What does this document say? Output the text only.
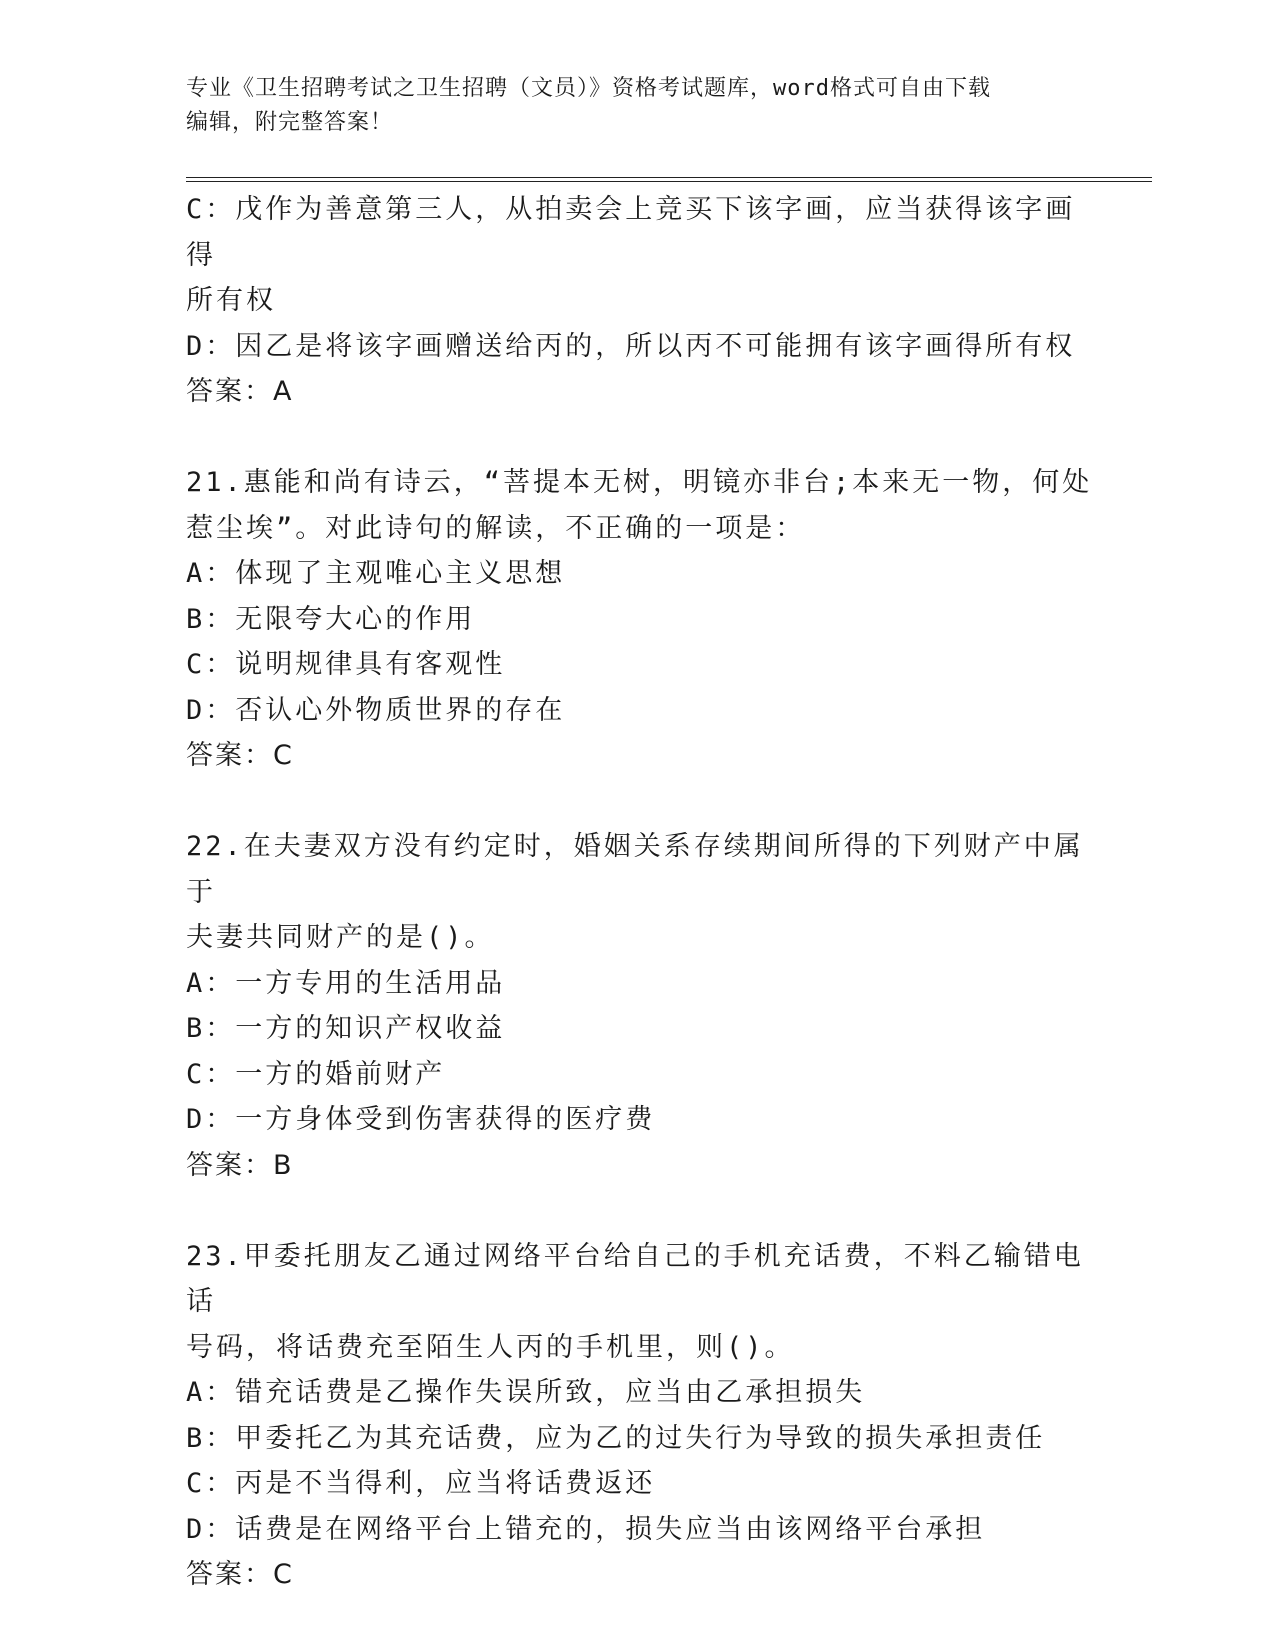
专业《卫生招聘考试之卫生招聘（文员）》资格考试题库，word格式可自由下载
编辑，附完整答案！

C：戊作为善意第三人，从拍卖会上竞买下该字画，应当获得该字画得

所有权

D：因乙是将该字画赠送给丙的，所以丙不可能拥有该字画得所有权

答案：A

21.惠能和尚有诗云，“菩提本无树，明镜亦非台;本来无一物，何处

惹尘埃”。对此诗句的解读，不正确的一项是：

A：体现了主观唯心主义思想

B：无限夸大心的作用

C：说明规律具有客观性

D：否认心外物质世界的存在

答案：C

22.在夫妻双方没有约定时，婚姻关系存续期间所得的下列财产中属于

夫妻共同财产的是()。

A：一方专用的生活用品

B：一方的知识产权收益

C：一方的婚前财产

D：一方身体受到伤害获得的医疗费

答案：B

23.甲委托朋友乙通过网络平台给自己的手机充话费，不料乙输错电话

号码，将话费充至陌生人丙的手机里，则()。

A：错充话费是乙操作失误所致，应当由乙承担损失

B：甲委托乙为其充话费，应为乙的过失行为导致的损失承担责任

C：丙是不当得利，应当将话费返还

D：话费是在网络平台上错充的，损失应当由该网络平台承担

答案：C
